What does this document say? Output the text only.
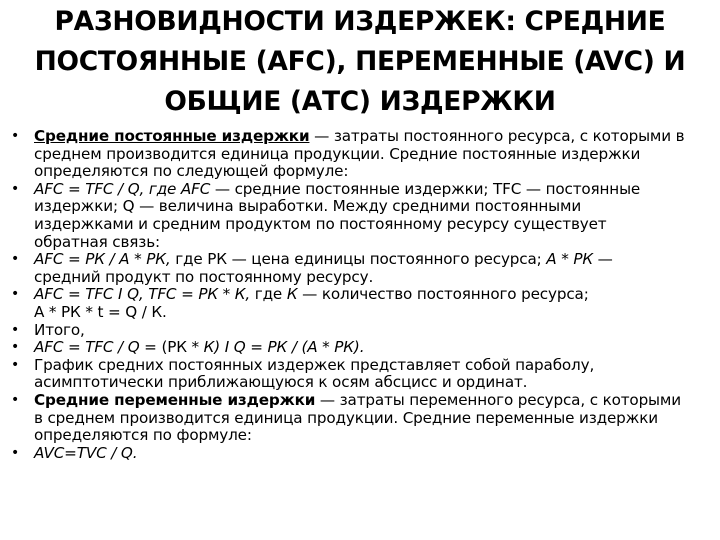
РАЗНОВИДНОСТИ ИЗДЕРЖЕК: СРЕДНИЕ
ПОСТОЯННЫЕ (AFC), ПЕРЕМЕННЫЕ (AVC) И
ОБЩИЕ (АТС) ИЗДЕРЖКИ
• Средние постоянные издержки — затраты постоянного ресурса, с которыми в
среднем производится единица продукции. Средние постоянные издержки
определяются по следующей формуле:
• AFC = TFC / Q, где AFC — средние постоянные издержки; TFC — постоянные
издержки; Q — величина выработки. Между средними постоянными
издержками и средним продуктом по постоянному ресурсу существует
обратная связь:
• AFC = РК / А * РК, где РК — цена единицы постоянного ресурса; А * РК —
средний продукт по постоянному ресурсу.
• AFC = TFC I Q, TFC = РК * К, где К — количество постоянного ресурса;
А * РК * t = Q / К.
• Итого,
• AFC = TFC / Q = (РК * К) I Q = РК / (А * РК).
• График средних постоянных издержек представляет собой параболу,
асимптотически приближающуюся к осям абсцисс и ординат.
• Средние переменные издержки — затраты переменного ресурса, с которыми
в среднем производится единица продукции. Средние переменные издержки
определяются по формуле:
• AVC=TVC / Q.
